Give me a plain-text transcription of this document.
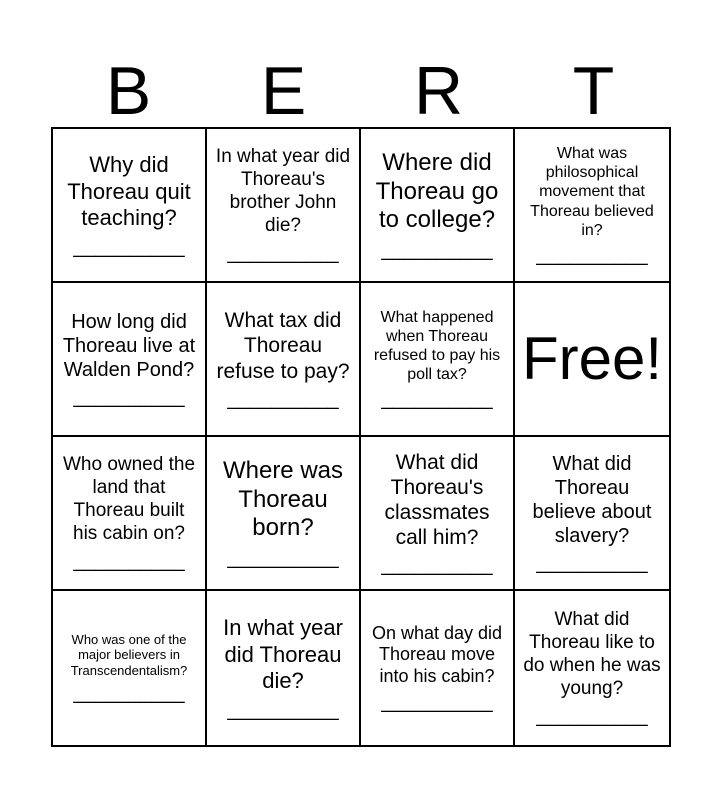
B	E	R	T
Why did Thoreau quit teaching?
__________
In what year did Thoreau's brother John die?
__________
Where did Thoreau go to college?
__________
What was philosophical movement that Thoreau believed in?
__________
How long did Thoreau live at Walden Pond?
__________
What tax did Thoreau refuse to pay?
__________
What happened when Thoreau refused to pay his poll tax?
__________
Free!
Who owned the land that Thoreau built his cabin on?
__________
Where was Thoreau born?
__________
What did Thoreau's classmates call him?
__________
What did Thoreau believe about slavery?
__________
Who was one of the major believers in Transcendentalism?
__________
In what year did Thoreau die?
__________
On what day did Thoreau move into his cabin?
__________
What did Thoreau like to do when he was young?
__________
